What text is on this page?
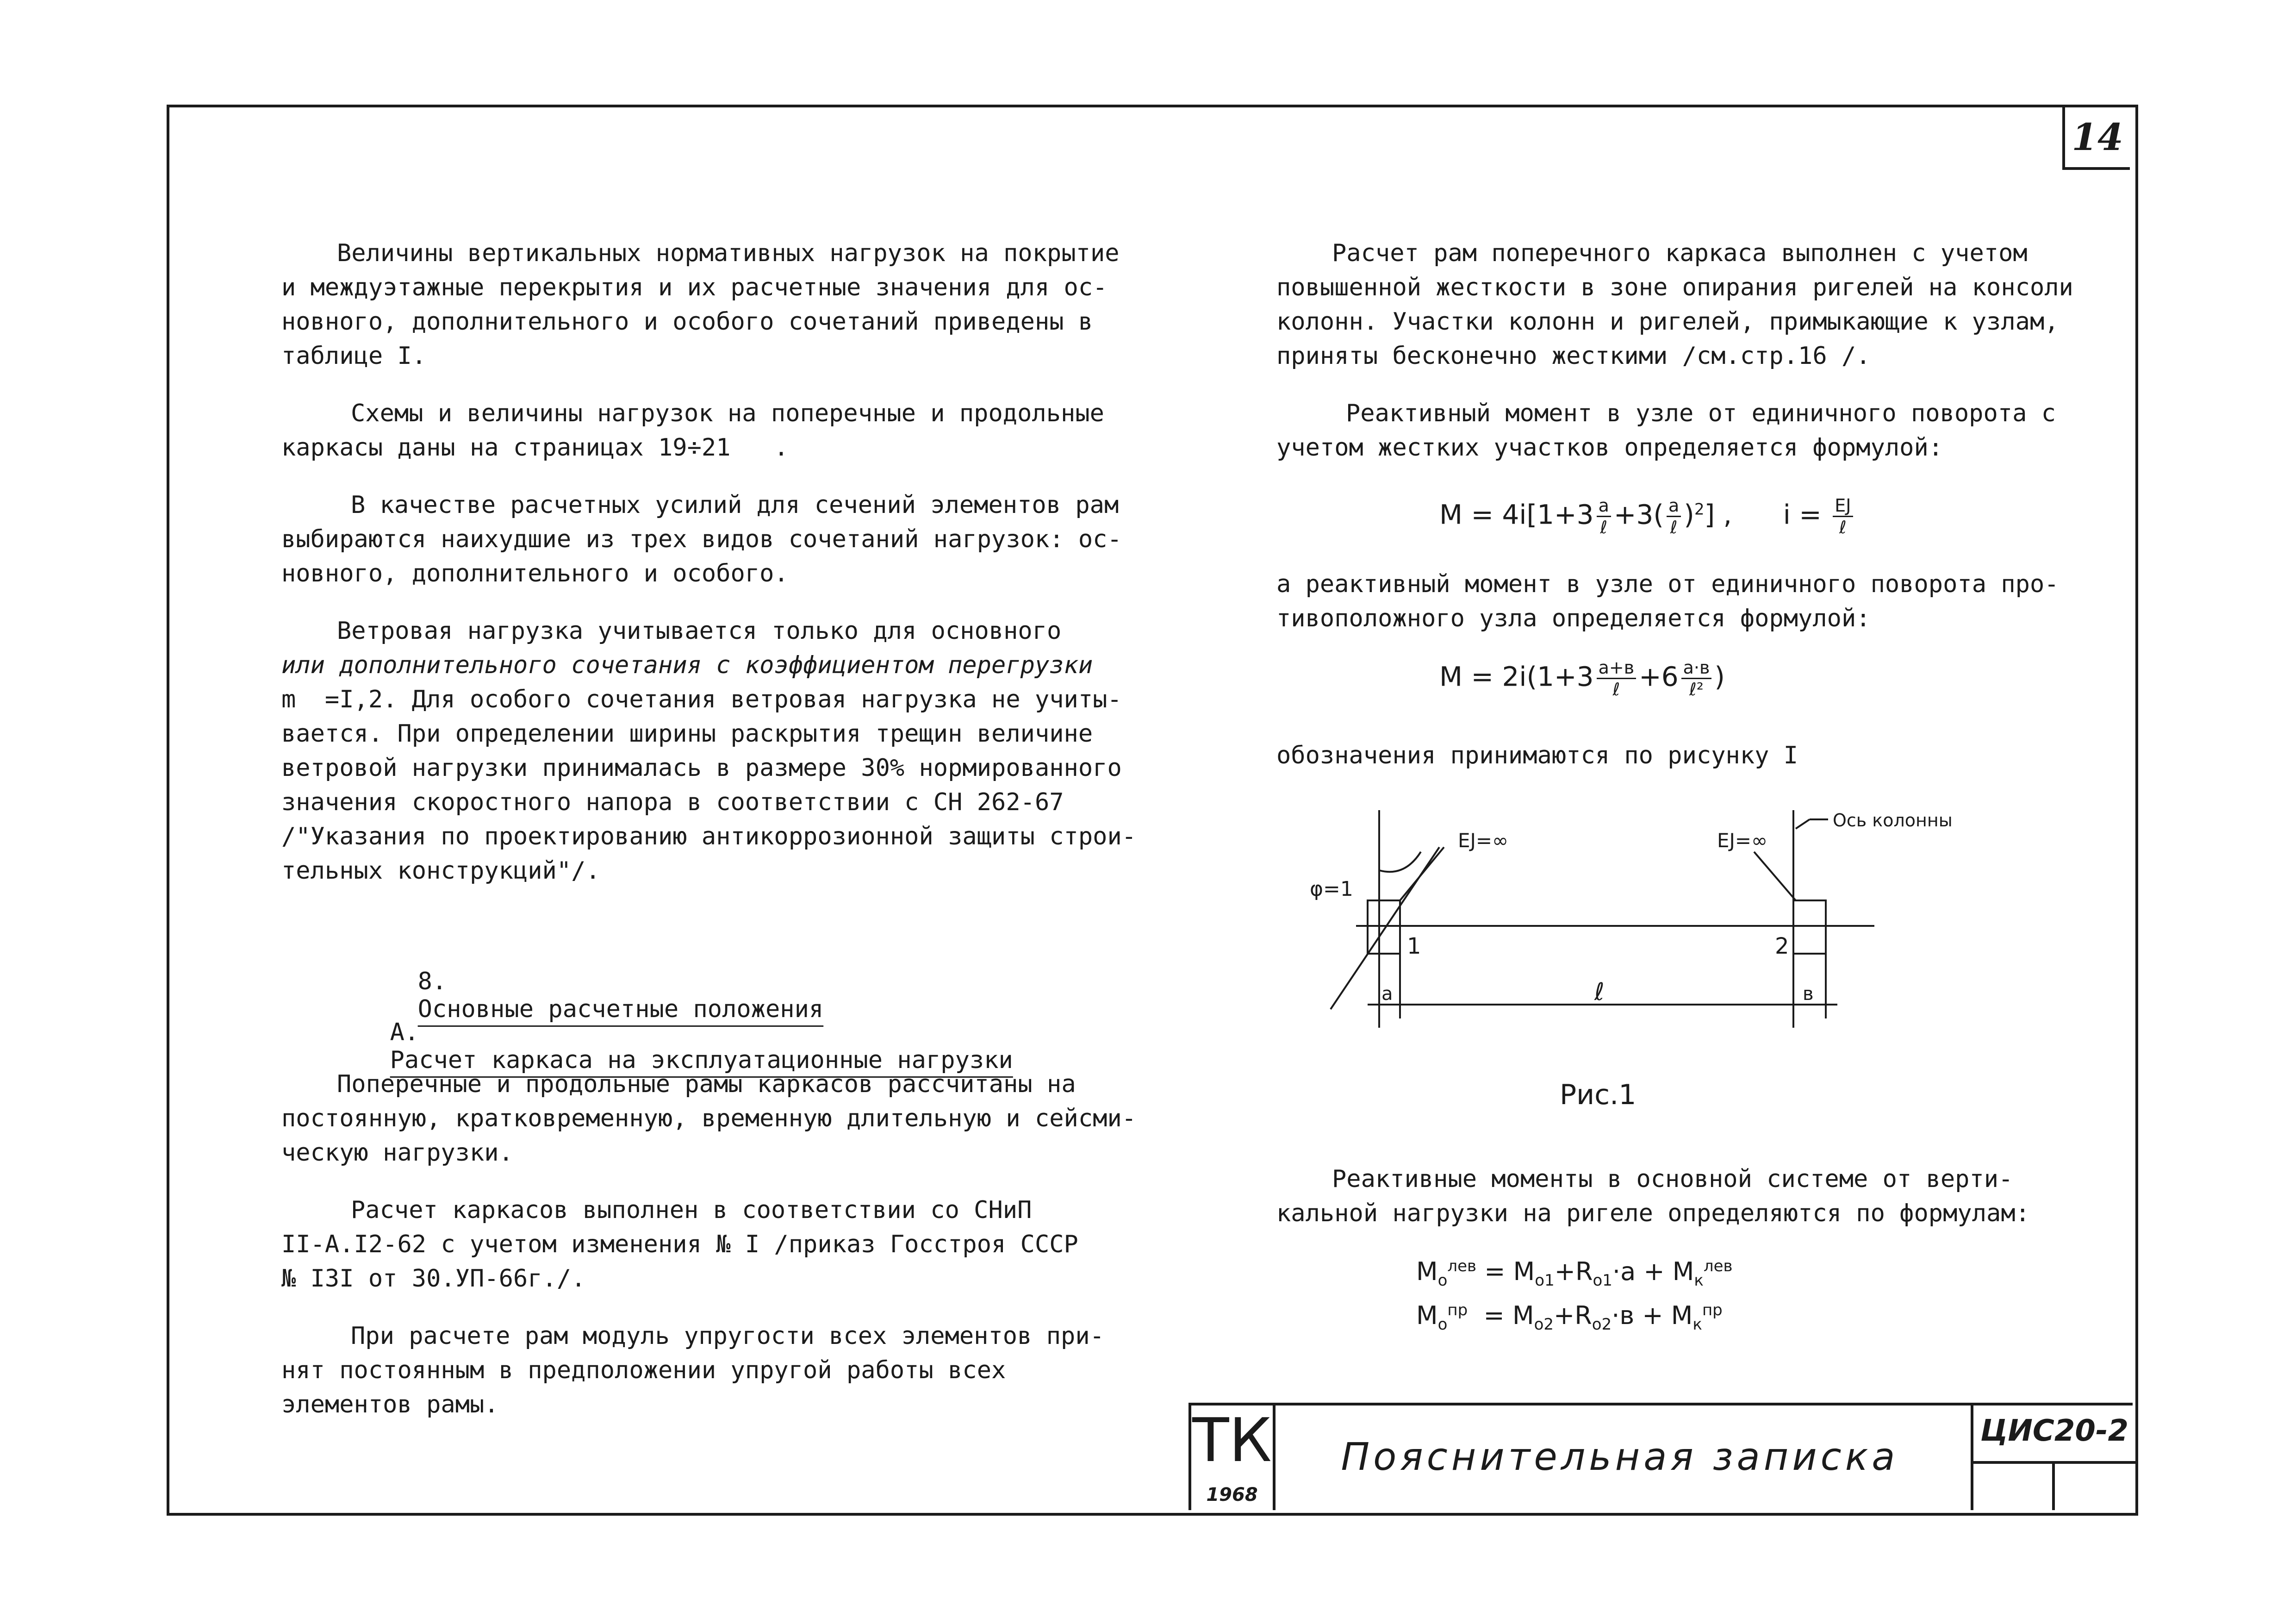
14

Величины вертикальных нормативных нагрузок на покрытие

и междуэтажные перекрытия и их расчетные значения для ос-

новного, дополнительного и особого сочетаний приведены в

таблице I.

Схемы и величины нагрузок на поперечные и продольные

каркасы даны на страницах 19÷21   .

В качестве расчетных усилий для сечений элементов рам

выбираются наихудшие из трех видов сочетаний нагрузок: ос-

новного, дополнительного и особого.

Ветровая нагрузка учитывается только для основного

или дополнительного сочетания с коэффициентом перегрузки

m  =I,2. Для особого сочетания ветровая нагрузка не учиты-

вается. При определении ширины раскрытия трещин величине

ветровой нагрузки принималась в размере 30% нормированного

значения скоростного напора в соответствии с СН 262-67

/"Указания по проектированию антикоррозионной защиты строи-

тельных конструкций"/.

8.
Основные расчетные положения

А.
Расчет каркаса на эксплуатационные нагрузки

Поперечные и продольные рамы каркасов рассчитаны на

постоянную, кратковременную, временную длительную и сейсми-

ческую нагрузки.

Расчет каркасов выполнен в соответствии со СНиП

II-А.I2-62 с учетом изменения № I /приказ Госстроя СССР

№ I3I от 30.УП-66г./.

При расчете рам модуль упругости всех элементов при-

нят постоянным в предположении упругой работы всех

элементов рамы.

Расчет рам поперечного каркаса выполнен с учетом

повышенной жесткости в зоне опирания ригелей на консоли

колонн. Участки колонн и ригелей, примыкающие к узлам,

приняты бесконечно жесткими /см.стр.16 /.

Реактивный момент в узле от единичного поворота с

учетом жестких участков определяется формулой:

$M = 4i[1+3 \frac{a}{\text{ℓ}} +3( \frac{a}{\text{ℓ}} )^2]$ ,      $i = \frac{EJ}{\text{ℓ}}$

а реактивный момент в узле от единичного поворота про-

тивоположного узла определяется формулой:

$M = 2i(1+3 \frac{a+в}{\text{ℓ}} +6 \frac{a\cdot в}{\text{ℓ²}}$ )

обозначения принимаются по рисунку I

φ=1
EJ=∞	EJ=∞
Ось колонны
1	2
a	ℓ	в
Рис.1

Реактивные моменты в основной системе от верти-

кальной нагрузки на ригеле определяются по формулам:

$M_o^{лев} = M_{o1}+R_{o1}\cdot a + M_к^{лев}$
$M_o^{пр} = M_{o2}+R_{o2}\cdot в + M_к^{пр}$
ТК
1968
Пояснительная записка
ЦИС20-2
